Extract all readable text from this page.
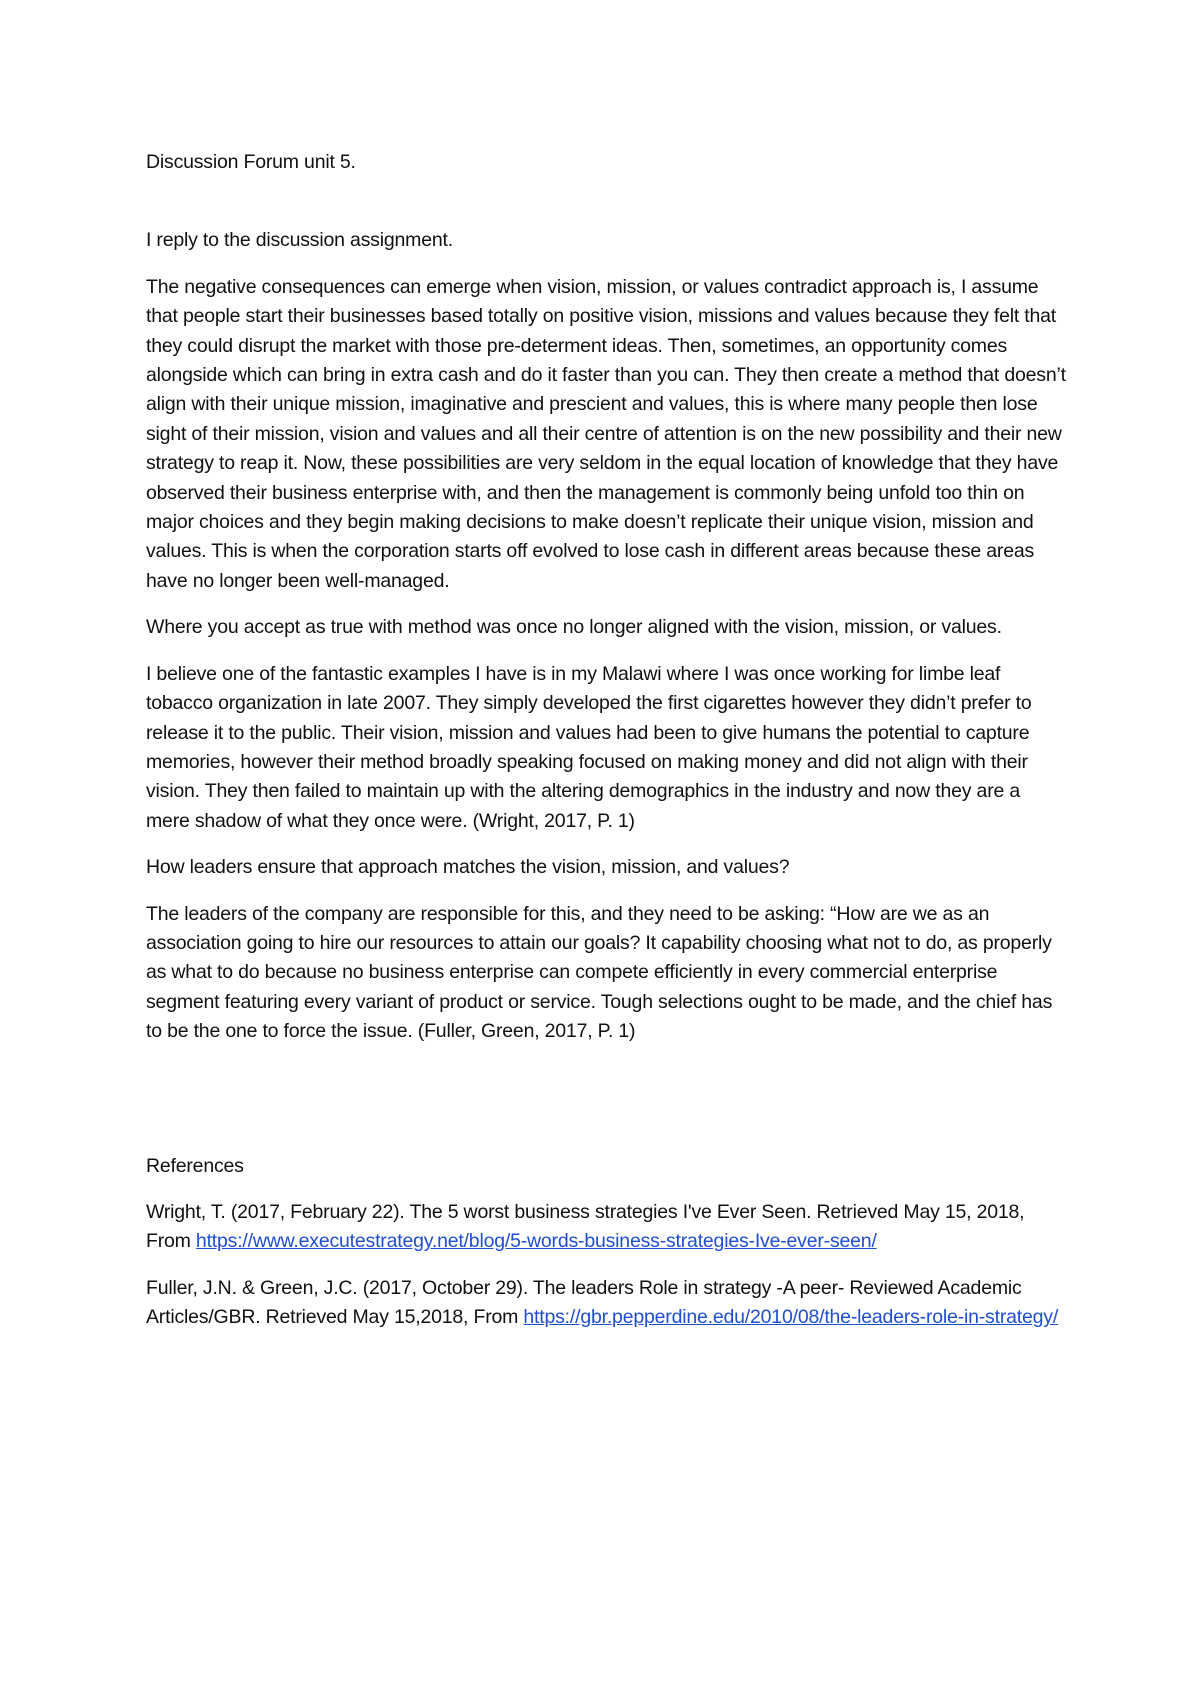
Discussion Forum unit 5.

I reply to the discussion assignment.

The negative consequences can emerge when vision, mission, or values contradict approach is, I assume that people start their businesses based totally on positive vision, missions and values because they felt that they could disrupt the market with those pre-determent ideas. Then, sometimes, an opportunity comes alongside which can bring in extra cash and do it faster than you can. They then create a method that doesn’t align with their unique mission, imaginative and prescient and values, this is where many people then lose sight of their mission, vision and values and all their centre of attention is on the new possibility and their new strategy to reap it. Now, these possibilities are very seldom in the equal location of knowledge that they have observed their business enterprise with, and then the management is commonly being unfold too thin on major choices and they begin making decisions to make doesn’t replicate their unique vision, mission and values. This is when the corporation starts off evolved to lose cash in different areas because these areas have no longer been well-managed.

Where you accept as true with method was once no longer aligned with the vision, mission, or values.

I believe one of the fantastic examples I have is in my Malawi where I was once working for limbe leaf tobacco organization in late 2007. They simply developed the first cigarettes however they didn’t prefer to release it to the public. Their vision, mission and values had been to give humans the potential to capture memories, however their method broadly speaking focused on making money and did not align with their vision. They then failed to maintain up with the altering demographics in the industry and now they are a mere shadow of what they once were. (Wright, 2017, P. 1)

How leaders ensure that approach matches the vision, mission, and values?

The leaders of the company are responsible for this, and they need to be asking: “How are we as an association going to hire our resources to attain our goals? It capability choosing what not to do, as properly as what to do because no business enterprise can compete efficiently in every commercial enterprise segment featuring every variant of product or service. Tough selections ought to be made, and the chief has to be the one to force the issue. (Fuller, Green, 2017, P. 1)

References

Wright, T. (2017, February 22). The 5 worst business strategies I've Ever Seen. Retrieved May 15, 2018, From https://www.executestrategy.net/blog/5-words-business-strategies-Ive-ever-seen/

Fuller, J.N. & Green, J.C. (2017, October 29). The leaders Role in strategy -A peer- Reviewed Academic Articles/GBR. Retrieved May 15,2018, From https://gbr.pepperdine.edu/2010/08/the-leaders-role-in-strategy/
